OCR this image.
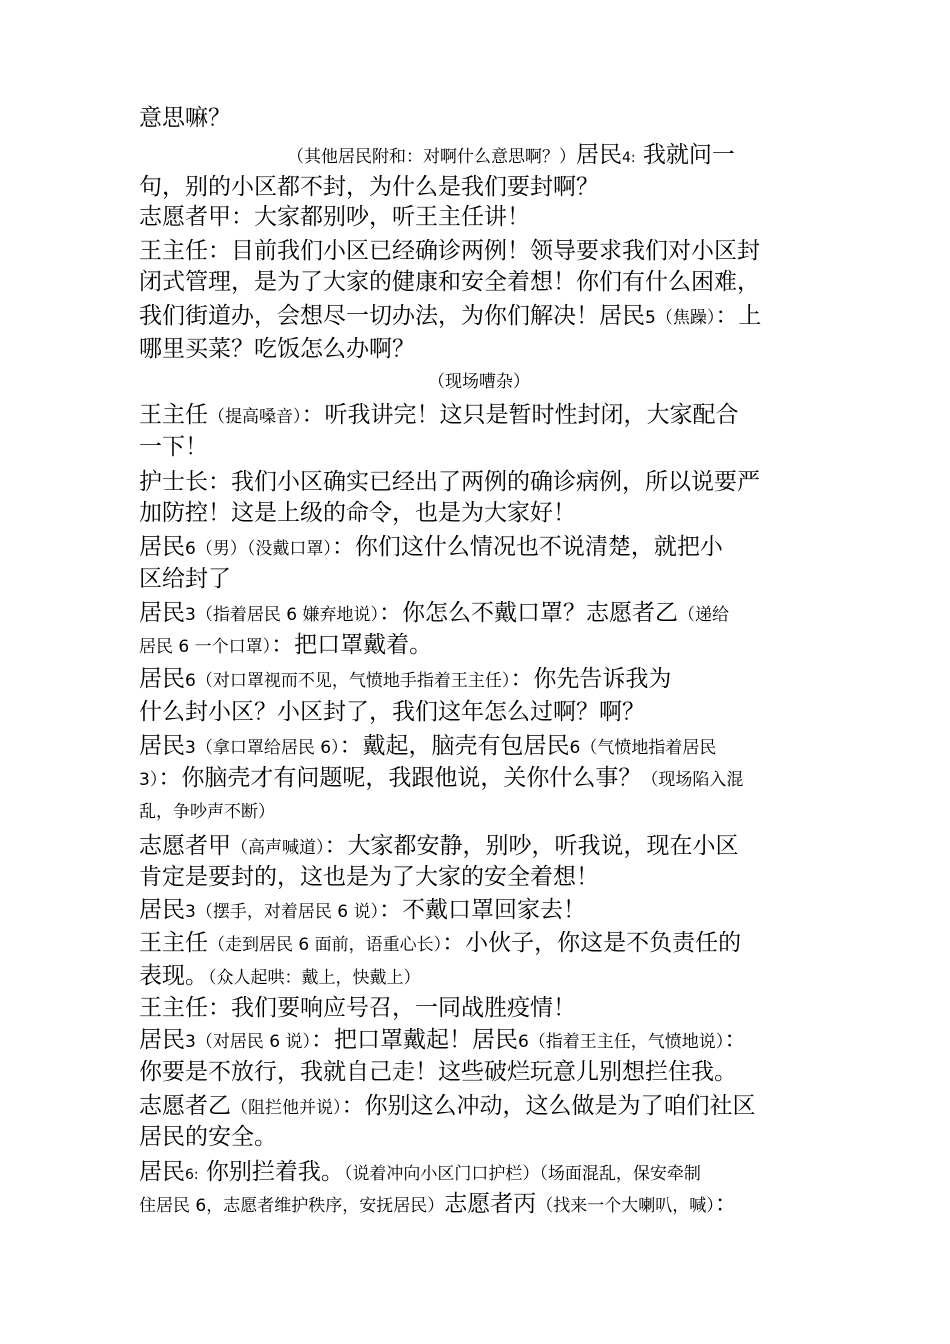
意思嘛？
（其他居民附和：对啊什么意思啊？）居民4: 我就问一
句，别的小区都不封，为什么是我们要封啊？
志愿者甲：大家都别吵，听王主任讲！
王主任：目前我们小区已经确诊两例！领导要求我们对小区封
闭式管理，是为了大家的健康和安全着想！你们有什么困难，
我们街道办，会想尽一切办法，为你们解决！居民5（焦躁）：上
哪里买菜？吃饭怎么办啊？
（现场嘈杂）
王主任（提高嗓音）：听我讲完！这只是暂时性封闭，大家配合
一下！
护士长：我们小区确实已经出了两例的确诊病例，所以说要严
加防控！这是上级的命令，也是为大家好！
居民6（男）（没戴口罩）：你们这什么情况也不说清楚，就把小
区给封了
居民3（指着居民 6 嫌弃地说）：你怎么不戴口罩？志愿者乙（递给
居民 6 一个口罩）：把口罩戴着。
居民6（对口罩视而不见，气愤地手指着王主任）：你先告诉我为
什么封小区？小区封了，我们这年怎么过啊？啊？
居民3（拿口罩给居民 6）：戴起，脑壳有包居民6（气愤地指着居民
3）：你脑壳才有问题呢，我跟他说，关你什么事？（现场陷入混
乱，争吵声不断）
志愿者甲（高声喊道）：大家都安静，别吵，听我说，现在小区
肯定是要封的，这也是为了大家的安全着想！
居民3（摆手，对着居民 6 说）：不戴口罩回家去！
王主任（走到居民 6 面前，语重心长）：小伙子，你这是不负责任的
表现。（众人起哄：戴上，快戴上）
王主任：我们要响应号召，一同战胜疫情！
居民3（对居民 6 说）：把口罩戴起！居民6（指着王主任，气愤地说）：
你要是不放行，我就自己走！这些破烂玩意儿别想拦住我。
志愿者乙（阻拦他并说）：你别这么冲动，这么做是为了咱们社区
居民的安全。
居民6: 你别拦着我。（说着冲向小区门口护栏）（场面混乱，保安牵制
住居民 6，志愿者维护秩序，安抚居民）志愿者丙（找来一个大喇叭，喊）：
